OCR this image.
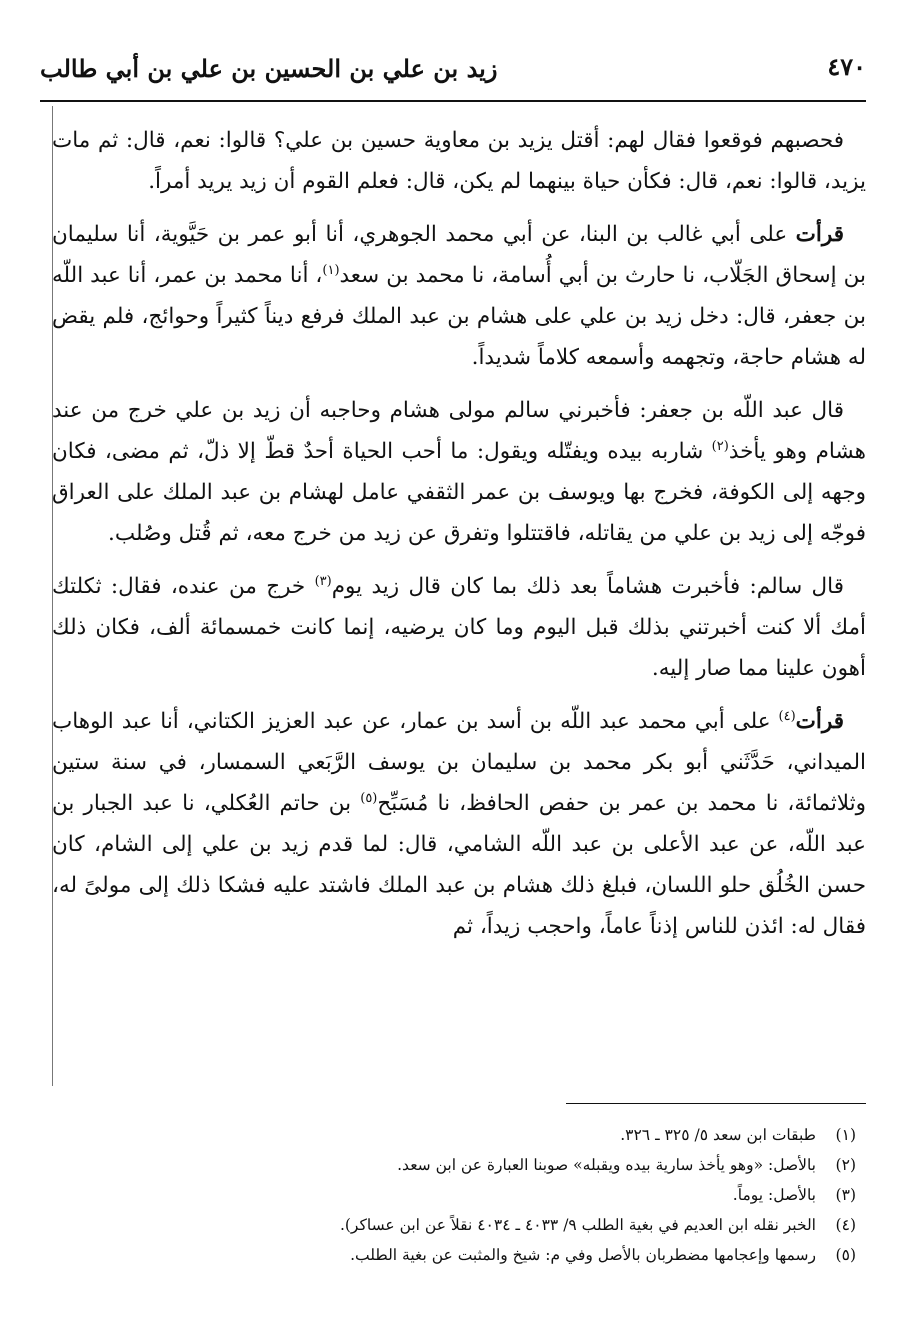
٤٧٠
زيد بن علي بن الحسين بن علي بن أبي طالب

فحصبهم فوقعوا فقال لهم: أقتل يزيد بن معاوية حسين بن علي؟ قالوا: نعم، قال: ثم مات يزيد، قالوا: نعم، قال: فكأن حياة بينهما لم يكن، قال: فعلم القوم أن زيد يريد أمراً.

قرأت على أبي غالب بن البنا، عن أبي محمد الجوهري، أنا أبو عمر بن حَيَّوية، أنا سليمان بن إسحاق الجَلّاب، نا حارث بن أبي أُسامة، نا محمد بن سعد$^{(١)}$، أنا محمد بن عمر، أنا عبد اللّه بن جعفر، قال: دخل زيد بن علي على هشام بن عبد الملك فرفع ديناً كثيراً وحوائج، فلم يقض له هشام حاجة، وتجهمه وأسمعه كلاماً شديداً.

قال عبد اللّه بن جعفر: فأخبرني سالم مولى هشام وحاجبه أن زيد بن علي خرج من عند هشام وهو يأخذ$^{(٢)}$ شاربه بيده ويفتّله ويقول: ما أحب الحياة أحدٌ قطّ إلا ذلّ، ثم مضى، فكان وجهه إلى الكوفة، فخرج بها ويوسف بن عمر الثقفي عامل لهشام بن عبد الملك على العراق فوجّه إلى زيد بن علي من يقاتله، فاقتتلوا وتفرق عن زيد من خرج معه، ثم قُتل وصُلب.

قال سالم: فأخبرت هشاماً بعد ذلك بما كان قال زيد يوم$^{(٣)}$ خرج من عنده، فقال: ثكلتك أمك ألا كنت أخبرتني بذلك قبل اليوم وما كان يرضيه، إنما كانت خمسمائة ألف، فكان ذلك أهون علينا مما صار إليه.

قرأت$^{(٤)}$ على أبي محمد عبد اللّه بن أسد بن عمار، عن عبد العزيز الكتاني، أنا عبد الوهاب الميداني، حَدَّثَني أبو بكر محمد بن سليمان بن يوسف الرَّبَعي السمسار، في سنة ستين وثلاثمائة، نا محمد بن عمر بن حفص الحافظ، نا مُسَبِّح$^{(٥)}$ بن حاتم العُكلي، نا عبد الجبار بن عبد اللّه، عن عبد الأعلى بن عبد اللّه الشامي، قال: لما قدم زيد بن علي إلى الشام، كان حسن الخُلُق حلو اللسان، فبلغ ذلك هشام بن عبد الملك فاشتد عليه فشكا ذلك إلى مولىً له، فقال له: ائذن للناس إذناً عاماً، واحجب زيداً، ثم

(١)طبقات ابن سعد ٥/ ٣٢٥ ـ ٣٢٦.
(٢)بالأصل: «وهو يأخذ سارية بيده ويقبله» صوبنا العبارة عن ابن سعد.
(٣)بالأصل: يوماً.
(٤)الخبر نقله ابن العديم في بغية الطلب ٩/ ٤٠٣٣ ـ ٤٠٣٤ نقلاً عن ابن عساكر).
(٥)رسمها وإعجامها مضطربان بالأصل وفي م: شيخ والمثبت عن بغية الطلب.
